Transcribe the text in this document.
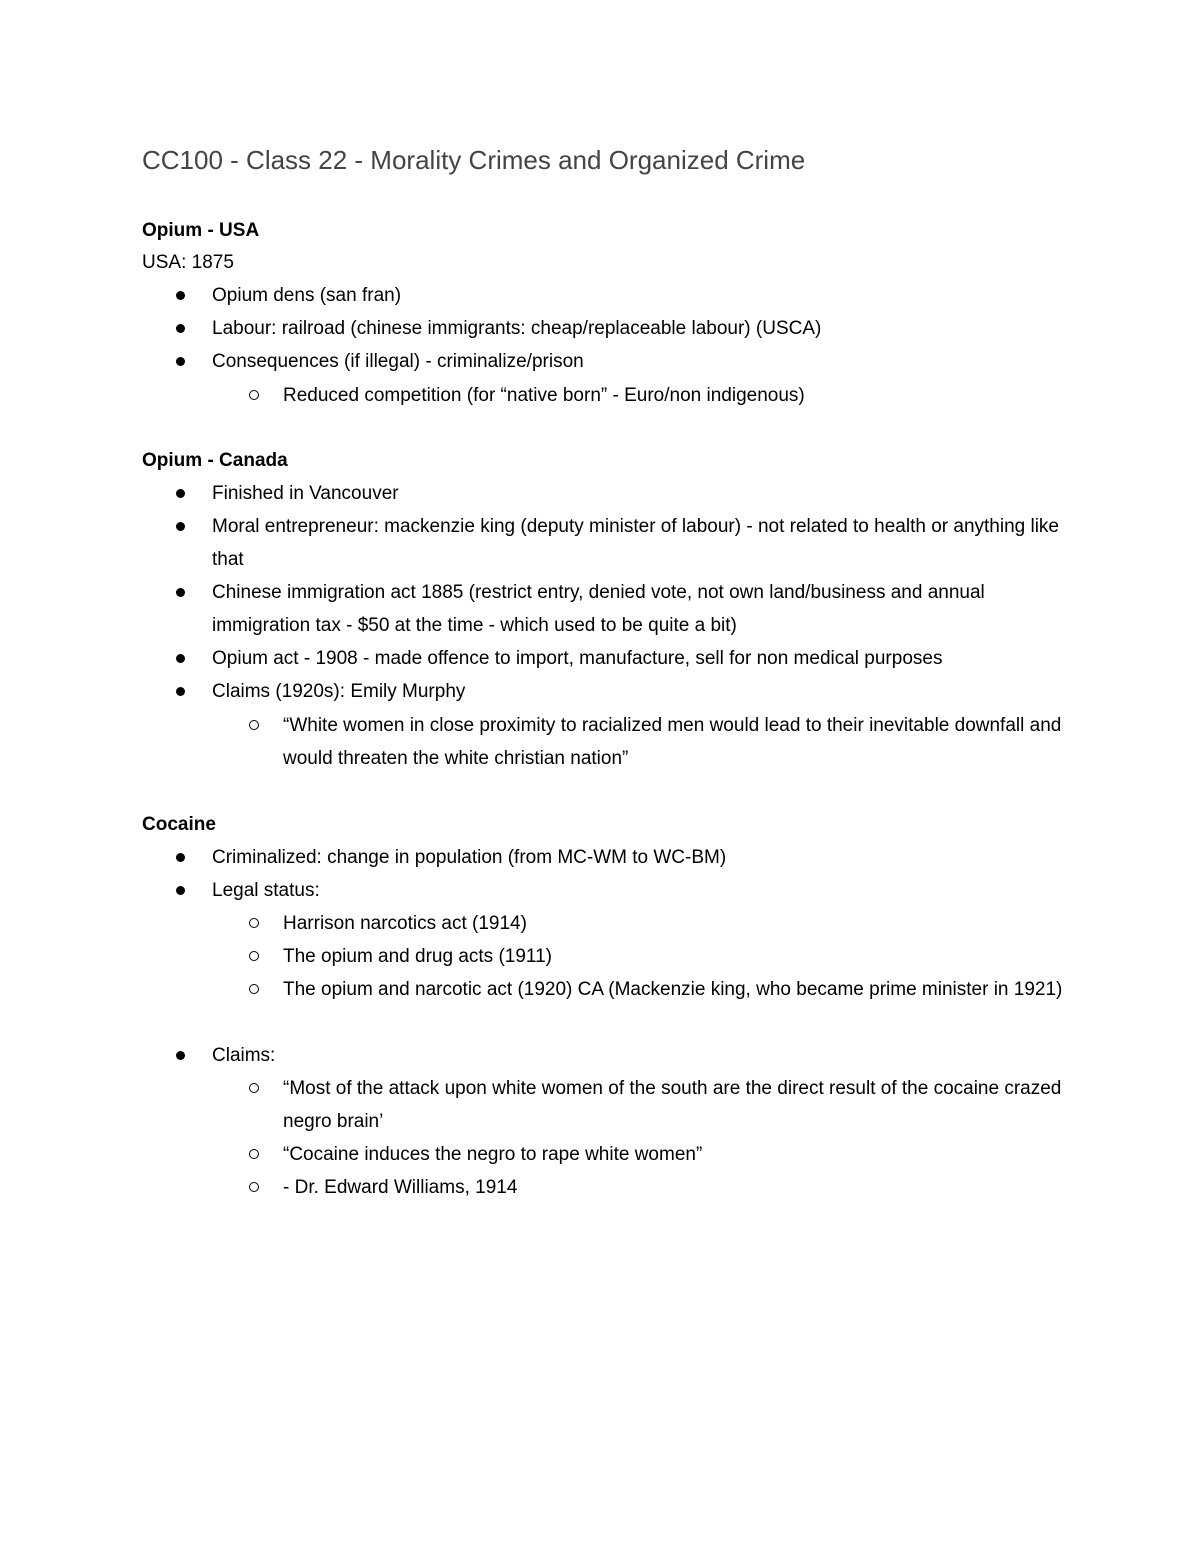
CC100 - Class 22 - Morality Crimes and Organized Crime
Opium - USA
USA: 1875
Opium dens (san fran)
Labour: railroad (chinese immigrants: cheap/replaceable labour) (USCA)
Consequences (if illegal) - criminalize/prison
Reduced competition (for “native born” - Euro/non indigenous)
Opium - Canada
Finished in Vancouver
Moral entrepreneur: mackenzie king (deputy minister of labour) - not related to health or anything like that
Chinese immigration act 1885 (restrict entry, denied vote, not own land/business and annual immigration tax - $50 at the time - which used to be quite a bit)
Opium act - 1908 - made offence to import, manufacture, sell for non medical purposes
Claims (1920s): Emily Murphy
“White women in close proximity to racialized men would lead to their inevitable downfall and would threaten the white christian nation”
Cocaine
Criminalized: change in population (from MC-WM to WC-BM)
Legal status:
Harrison narcotics act (1914)
The opium and drug acts (1911)
The opium and narcotic act (1920) CA (Mackenzie king, who became prime minister in 1921)
Claims:
“Most of the attack upon white women of the south are the direct result of the cocaine crazed negro brain’
“Cocaine induces the negro to rape white women”
- Dr. Edward Williams, 1914
